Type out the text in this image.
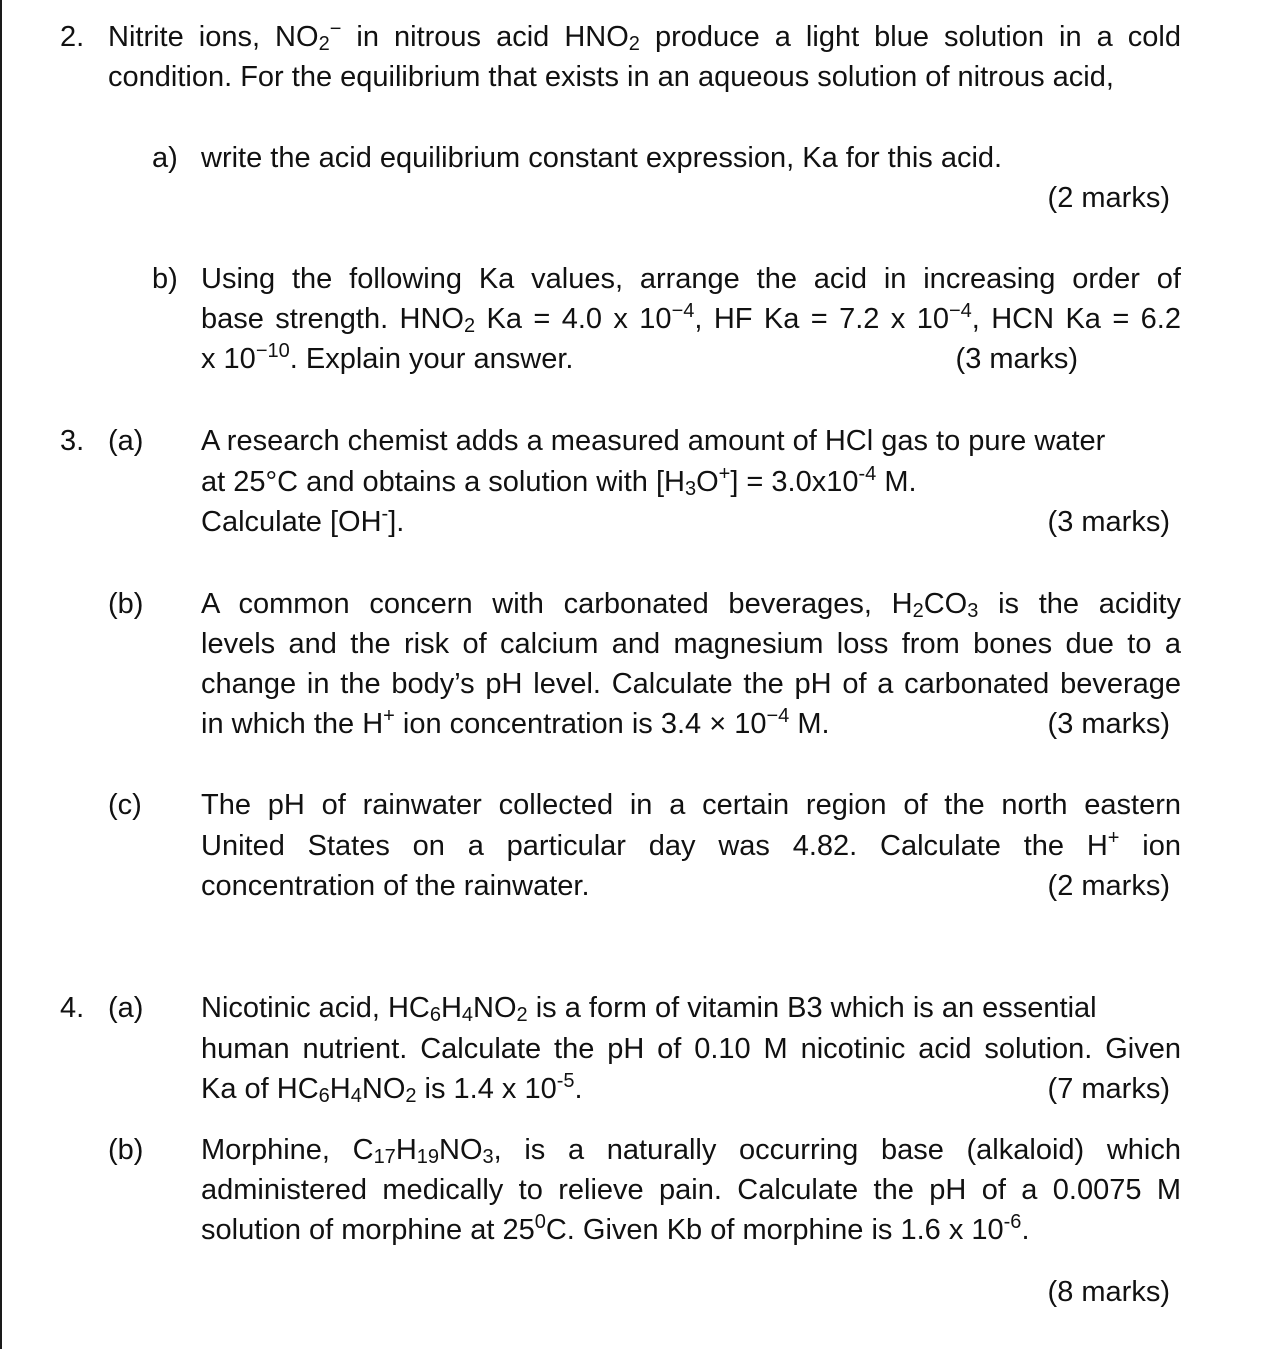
2. Nitrite ions, $NO_2^-$ in nitrous acid $HNO_2$ produce a light blue solution in a cold
condition. For the equilibrium that exists in an aqueous solution of nitrous acid,
a) write the acid equilibrium constant expression, Ka for this acid.
(2 marks)
b) Using the following Ka values, arrange the acid in increasing order of
base strength. $HNO_2$ Ka = 4.0 x $10^{-4}$, HF Ka = 7.2 x $10^{-4}$, HCN Ka = 6.2
x $10^{-10}$. Explain your answer.	(3 marks)
3. (a) A research chemist adds a measured amount of HCl gas to pure water
at 25°C and obtains a solution with $[H_3O^+] = 3.0x10^{-4}$ M.
Calculate [OH-].	(3 marks)
(b) A common concern with carbonated beverages, $H_2CO_3$ is the acidity
levels and the risk of calcium and magnesium loss from bones due to a
change in the body’s pH level. Calculate the pH of a carbonated beverage
in which the H+ ion concentration is $3.4 \times 10^{-4}$ M.	(3 marks)
(c) The pH of rainwater collected in a certain region of the north eastern
United States on a particular day was 4.82. Calculate the H+ ion
concentration of the rainwater.	(2 marks)
4. (a) Nicotinic acid, $HC_6H_4NO_2$ is a form of vitamin B3 which is an essential
human nutrient. Calculate the pH of 0.10 M nicotinic acid solution. Given
Ka of $HC_6H_4NO_2$ is 1.4 x $10^{-5}$.	(7 marks)
(b) Morphine, $C_{17}H_{19}NO_3$, is a naturally occurring base (alkaloid) which
administered medically to relieve pain. Calculate the pH of a 0.0075 M
solution of morphine at $25^0C$. Given Kb of morphine is 1.6 x $10^{-6}$.
(8 marks)
